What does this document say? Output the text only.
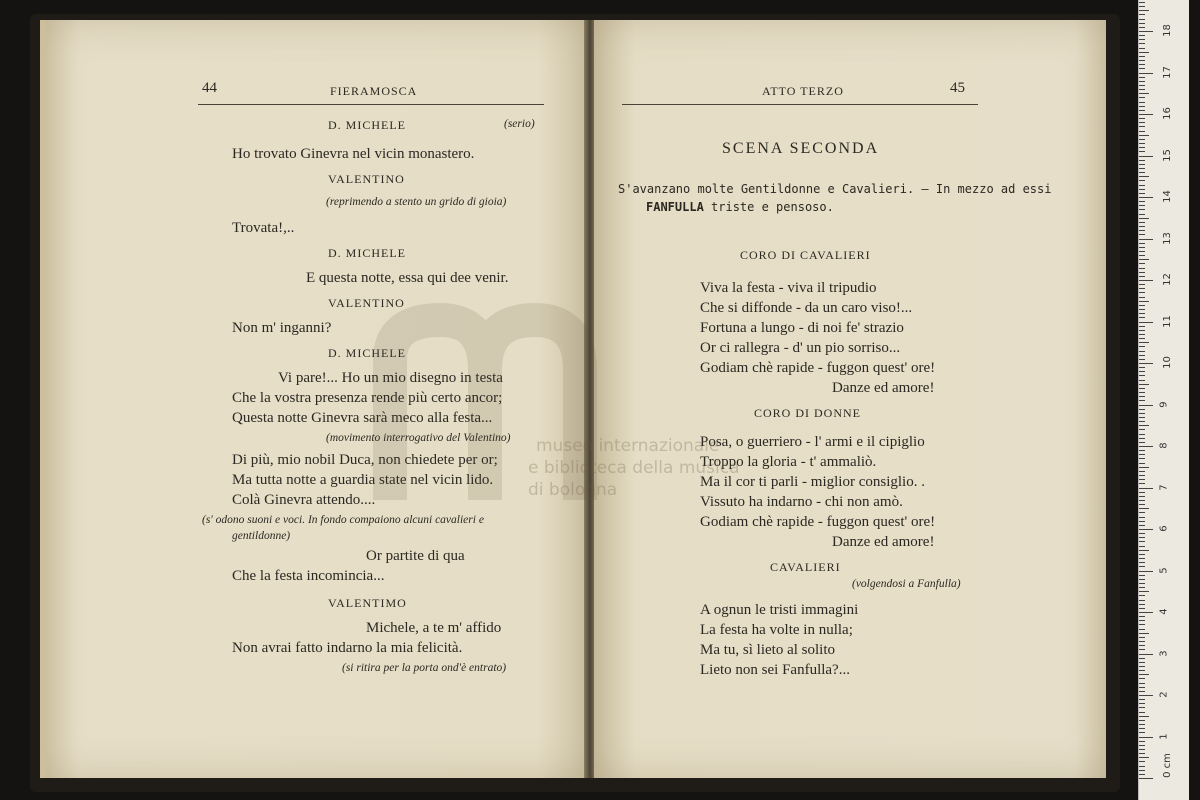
44	FIERAMOSCA
D. MICHELE	(serio)
Ho trovato Ginevra nel vicin monastero.
VALENTINO
(reprimendo a stento un grido di gioia)
Trovata!,..
D. MICHELE
E questa notte, essa qui dee venir.
VALENTINO
Non m' inganni?
D. MICHELE
Vi pare!... Ho un mio disegno in testa
Che la vostra presenza rende più certo ancor;
Questa notte Ginevra sarà meco alla festa...
(movimento interrogativo del Valentino)
Di più, mio nobil Duca, non chiedete per or;
Ma tutta notte a guardia state nel vicin lido.
Colà Ginevra attendo....
(s' odono suoni e voci. In fondo compaiono alcuni cavalieri e
gentildonne)
Or partite di qua
Che la festa incomincia...
VALENTIMO
Michele, a te m' affido
Non avrai fatto indarno la mia felicità.
(si ritira per la porta ond'è entrato)
ATTO TERZO	45
SCENA SECONDA
S'avanzano molte Gentildonne e Cavalieri. — In mezzo ad essi
FANFULLA triste e pensoso.
CORO DI CAVALIERI
Viva la festa - viva il tripudio
Che si diffonde - da un caro viso!...
Fortuna a lungo - di noi fe' strazio
Or ci rallegra - d' un pio sorriso...
Godiam chè rapide - fuggon quest' ore!
Danze ed amore!
CORO DI DONNE
Posa, o guerriero - l' armi e il cipiglio
Troppo la gloria - t' ammaliò.
Ma il cor ti parli - miglior consiglio. .
Vissuto ha indarno - chi non amò.
Godiam chè rapide - fuggon quest' ore!
Danze ed amore!
CAVALIERI
(volgendosi a Fanfulla)
A ognun le tristi immagini
La festa ha volte in nulla;
Ma tu, sì lieto al solito
Lieto non sei Fanfulla?...
museo internazionale
e biblioteca della musica
di bologna
0 cm
1
2
3
4
5
6
7
8
9
10
11
12
13
14
15
16
17
18
